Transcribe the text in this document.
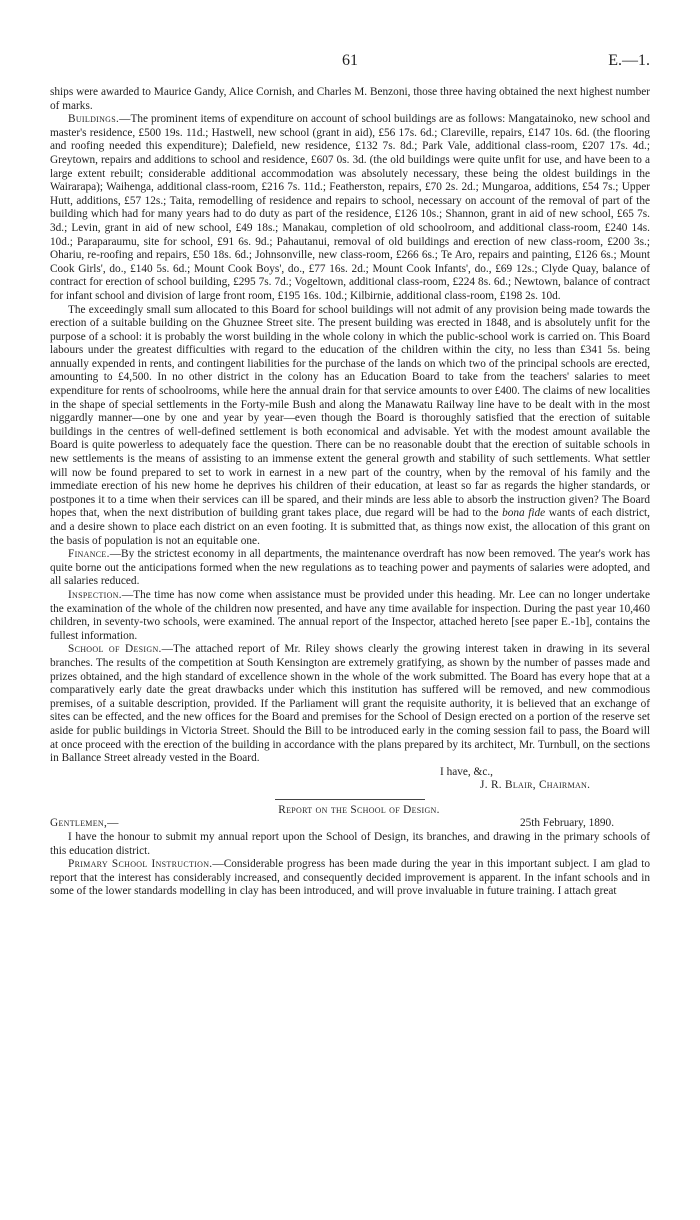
61	E.—1.

ships were awarded to Maurice Gandy, Alice Cornish, and Charles M. Benzoni, those three having obtained the next highest number of marks.

Buildings.—The prominent items of expenditure on account of school buildings are as follows: Mangatainoko, new school and master's residence, £500 19s. 11d.; Hastwell, new school (grant in aid), £56 17s. 6d.; Clareville, repairs, £147 10s. 6d. (the flooring and roofing needed this expenditure); Dalefield, new residence, £132 7s. 8d.; Park Vale, additional class-room, £207 17s. 4d.; Greytown, repairs and additions to school and residence, £607 0s. 3d. (the old buildings were quite unfit for use, and have been to a large extent rebuilt; considerable additional accommodation was absolutely necessary, these being the oldest buildings in the Wairarapa); Waihenga, additional class-room, £216 7s. 11d.; Featherston, repairs, £70 2s. 2d.; Mungaroa, additions, £54 7s.; Upper Hutt, additions, £57 12s.; Taita, remodelling of residence and repairs to school, necessary on account of the removal of part of the building which had for many years had to do duty as part of the residence, £126 10s.; Shannon, grant in aid of new school, £65 7s. 3d.; Levin, grant in aid of new school, £49 18s.; Manakau, completion of old schoolroom, and additional class-room, £240 14s. 10d.; Paraparaumu, site for school, £91 6s. 9d.; Pahautanui, removal of old buildings and erection of new class-room, £200 3s.; Ohariu, re-roofing and repairs, £50 18s. 6d.; Johnsonville, new class-room, £266 6s.; Te Aro, repairs and painting, £126 6s.; Mount Cook Girls', do., £140 5s. 6d.; Mount Cook Boys', do., £77 16s. 2d.; Mount Cook Infants', do., £69 12s.; Clyde Quay, balance of contract for erection of school building, £295 7s. 7d.; Vogeltown, additional class-room, £224 8s. 6d.; Newtown, balance of contract for infant school and division of large front room, £195 16s. 10d.; Kilbirnie, additional class-room, £198 2s. 10d.

The exceedingly small sum allocated to this Board for school buildings will not admit of any provision being made towards the erection of a suitable building on the Ghuznee Street site. The present building was erected in 1848, and is absolutely unfit for the purpose of a school: it is probably the worst building in the whole colony in which the public-school work is carried on. This Board labours under the greatest difficulties with regard to the education of the children within the city, no less than £341 5s. being annually expended in rents, and contingent liabilities for the purchase of the lands on which two of the principal schools are erected, amounting to £4,500. In no other district in the colony has an Education Board to take from the teachers' salaries to meet expenditure for rents of schoolrooms, while here the annual drain for that service amounts to over £400. The claims of new localities in the shape of special settlements in the Forty-mile Bush and along the Manawatu Railway line have to be dealt with in the most niggardly manner—one by one and year by year—even though the Board is thoroughly satisfied that the erection of suitable buildings in the centres of well-defined settlement is both economical and advisable. Yet with the modest amount available the Board is quite powerless to adequately face the question. There can be no reasonable doubt that the erection of suitable schools in new settlements is the means of assisting to an immense extent the general growth and stability of such settlements. What settler will now be found prepared to set to work in earnest in a new part of the country, when by the removal of his family and the immediate erection of his new home he deprives his children of their education, at least so far as regards the higher standards, or postpones it to a time when their services can ill be spared, and their minds are less able to absorb the instruction given? The Board hopes that, when the next distribution of building grant takes place, due regard will be had to the bona fide wants of each district, and a desire shown to place each district on an even footing. It is submitted that, as things now exist, the allocation of this grant on the basis of population is not an equitable one.

Finance.—By the strictest economy in all departments, the maintenance overdraft has now been removed. The year's work has quite borne out the anticipations formed when the new regulations as to teaching power and payments of salaries were adopted, and all salaries reduced.

Inspection.—The time has now come when assistance must be provided under this heading. Mr. Lee can no longer undertake the examination of the whole of the children now presented, and have any time available for inspection. During the past year 10,460 children, in seventy-two schools, were examined. The annual report of the Inspector, attached hereto [see paper E.-1b], contains the fullest information.

School of Design.—The attached report of Mr. Riley shows clearly the growing interest taken in drawing in its several branches. The results of the competition at South Kensington are extremely gratifying, as shown by the number of passes made and prizes obtained, and the high standard of excellence shown in the whole of the work submitted. The Board has every hope that at a comparatively early date the great drawbacks under which this institution has suffered will be removed, and new commodious premises, of a suitable description, provided. If the Parliament will grant the requisite authority, it is believed that an exchange of sites can be effected, and the new offices for the Board and premises for the School of Design erected on a portion of the reserve set aside for public buildings in Victoria Street. Should the Bill to be introduced early in the coming session fail to pass, the Board will at once proceed with the erection of the building in accordance with the plans prepared by its architect, Mr. Turnbull, on the sections in Ballance Street already vested in the Board.

I have, &c.,
J. R. Blair, Chairman.

Report on the School of Design.

Gentlemen,—	25th February, 1890.

I have the honour to submit my annual report upon the School of Design, its branches, and drawing in the primary schools of this education district.

Primary School Instruction.—Considerable progress has been made during the year in this important subject. I am glad to report that the interest has considerably increased, and consequently decided improvement is apparent. In the infant schools and in some of the lower standards modelling in clay has been introduced, and will prove invaluable in future training. I attach great
